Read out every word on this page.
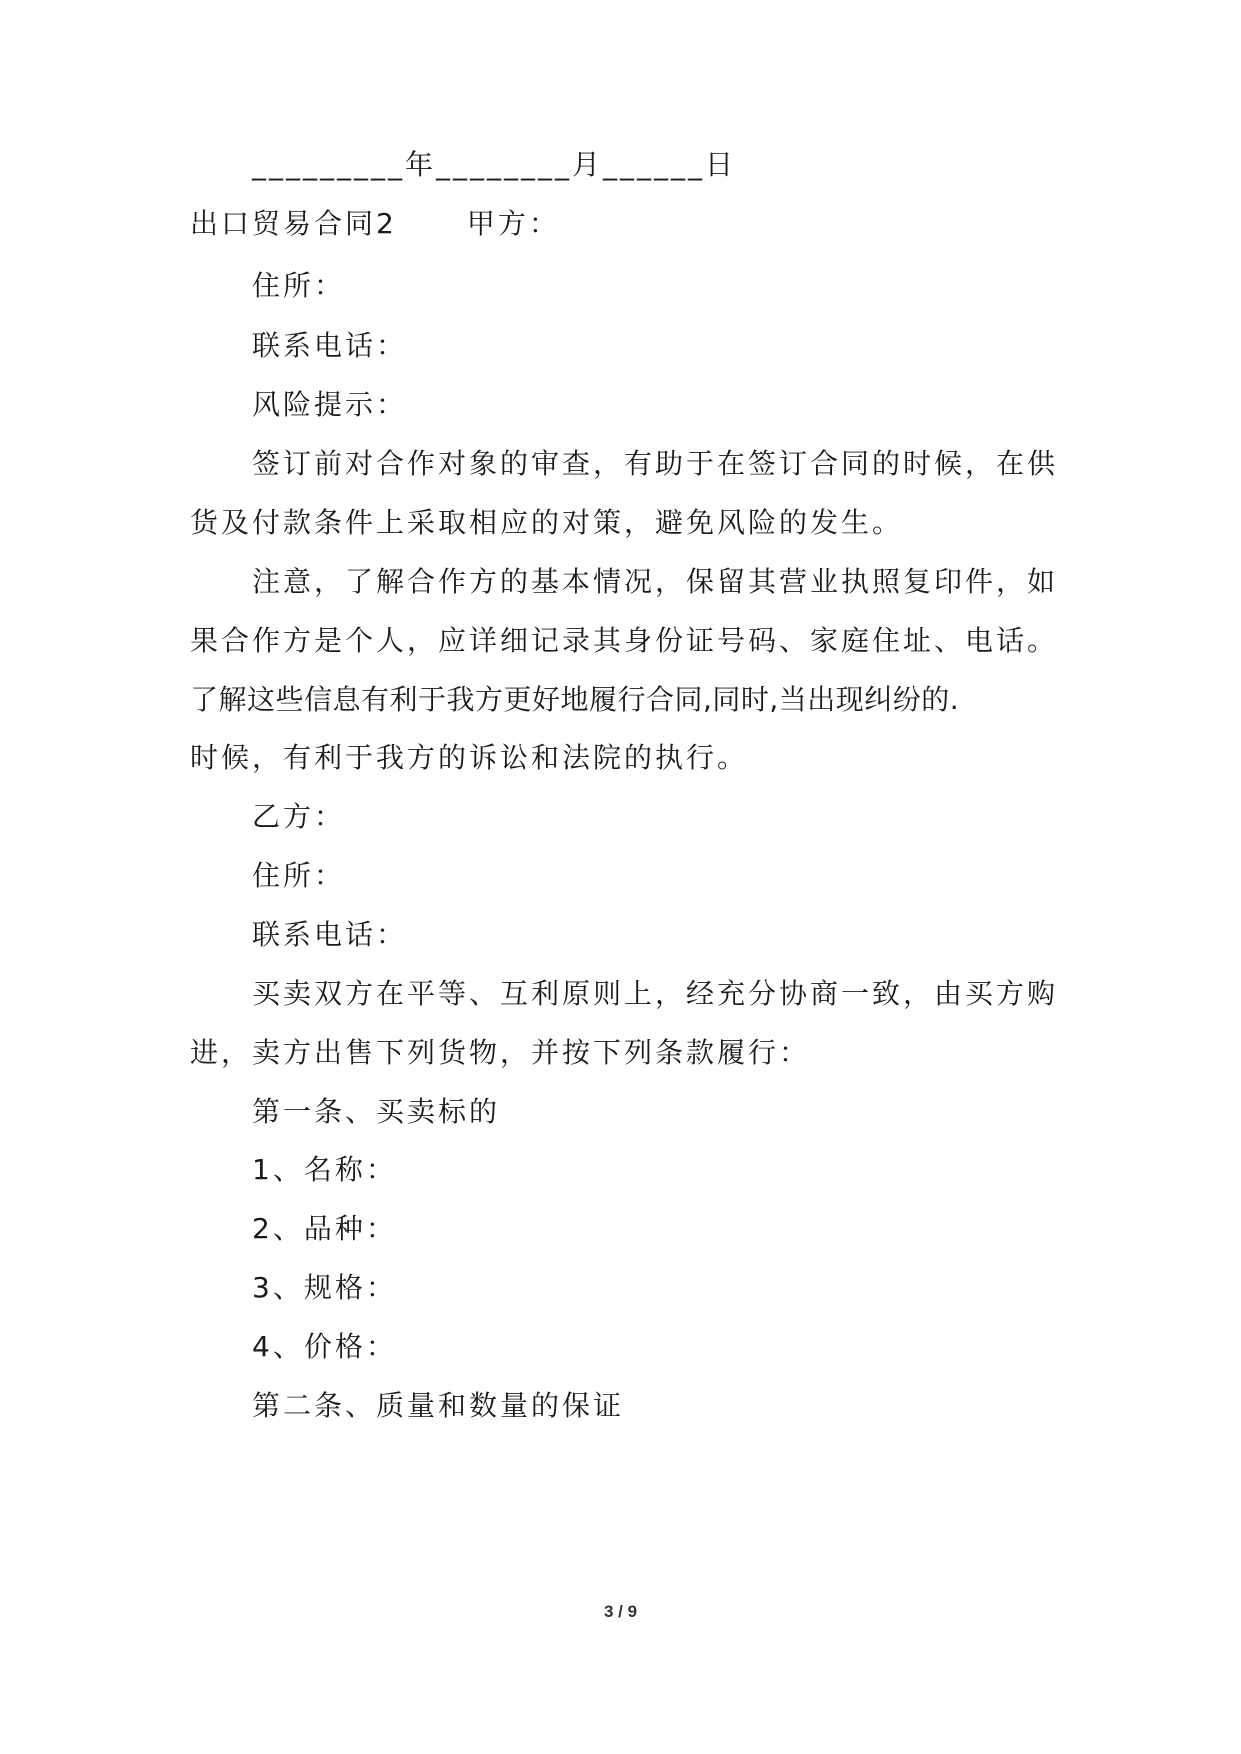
_________年________月______日
出口贸易合同2	甲方：
住所：
联系电话：
风险提示：
签订前对合作对象的审查，有助于在签订合同的时候，在供
货及付款条件上采取相应的对策，避免风险的发生。
注意，了解合作方的基本情况，保留其营业执照复印件，如
果合作方是个人，应详细记录其身份证号码、家庭住址、电话。
了解这些信息有利于我方更好地履行合同,同时,当出现纠纷的.
时候，有利于我方的诉讼和法院的执行。
乙方：
住所：
联系电话：
买卖双方在平等、互利原则上，经充分协商一致，由买方购
进，卖方出售下列货物，并按下列条款履行：
第一条、买卖标的
1、名称：
2、品种：
3、规格：
4、价格：
第二条、质量和数量的保证
3 / 9
